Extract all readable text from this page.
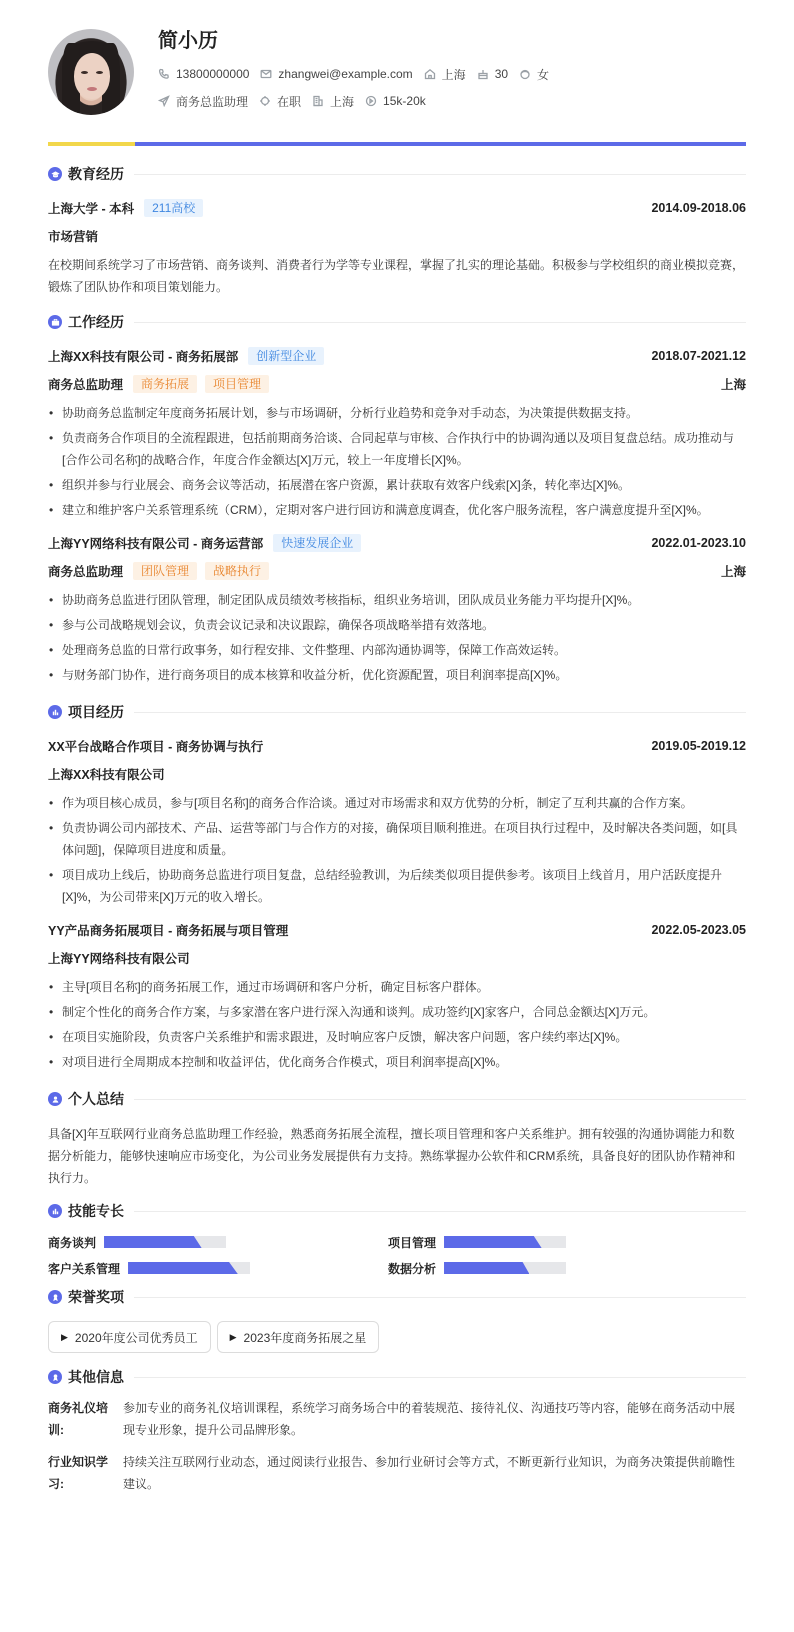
简小历
13800000000 zhangwei@example.com 上海 30 女
商务总监助理 在职 上海 15k-20k
教育经历
上海大学 - 本科	211高校	2014.09-2018.06
市场营销
在校期间系统学习了市场营销、商务谈判、消费者行为学等专业课程，掌握了扎实的理论基础。积极参与学校组织的商业模拟竞赛，锻炼了团队协作和项目策划能力。
工作经历
上海XX科技有限公司 - 商务拓展部	创新型企业	2018.07-2021.12
商务总监助理	商务拓展	项目管理	上海
• 协助商务总监制定年度商务拓展计划，参与市场调研，分析行业趋势和竞争对手动态，为决策提供数据支持。
• 负责商务合作项目的全流程跟进，包括前期商务洽谈、合同起草与审核、合作执行中的协调沟通以及项目复盘总结。成功推动与[合作公司名称]的战略合作，年度合作金额达[X]万元，较上一年度增长[X]%。
• 组织并参与行业展会、商务会议等活动，拓展潜在客户资源，累计获取有效客户线索[X]条，转化率达[X]%。
• 建立和维护客户关系管理系统（CRM），定期对客户进行回访和满意度调查，优化客户服务流程，客户满意度提升至[X]%。
上海YY网络科技有限公司 - 商务运营部	快速发展企业	2022.01-2023.10
商务总监助理	团队管理	战略执行	上海
• 协助商务总监进行团队管理，制定团队成员绩效考核指标，组织业务培训，团队成员业务能力平均提升[X]%。
• 参与公司战略规划会议，负责会议记录和决议跟踪，确保各项战略举措有效落地。
• 处理商务总监的日常行政事务，如行程安排、文件整理、内部沟通协调等，保障工作高效运转。
• 与财务部门协作，进行商务项目的成本核算和收益分析，优化资源配置，项目利润率提高[X]%。
项目经历
XX平台战略合作项目 - 商务协调与执行	2019.05-2019.12
上海XX科技有限公司
• 作为项目核心成员，参与[项目名称]的商务合作洽谈。通过对市场需求和双方优势的分析，制定了互利共赢的合作方案。
• 负责协调公司内部技术、产品、运营等部门与合作方的对接，确保项目顺利推进。在项目执行过程中，及时解决各类问题，如[具体问题]，保障项目进度和质量。
• 项目成功上线后，协助商务总监进行项目复盘，总结经验教训，为后续类似项目提供参考。该项目上线首月，用户活跃度提升[X]%，为公司带来[X]万元的收入增长。
YY产品商务拓展项目 - 商务拓展与项目管理	2022.05-2023.05
上海YY网络科技有限公司
• 主导[项目名称]的商务拓展工作，通过市场调研和客户分析，确定目标客户群体。
• 制定个性化的商务合作方案，与多家潜在客户进行深入沟通和谈判。成功签约[X]家客户，合同总金额达[X]万元。
• 在项目实施阶段，负责客户关系维护和需求跟进，及时响应客户反馈，解决客户问题，客户续约率达[X]%。
• 对项目进行全周期成本控制和收益评估，优化商务合作模式，项目利润率提高[X]%。
个人总结
具备[X]年互联网行业商务总监助理工作经验，熟悉商务拓展全流程，擅长项目管理和客户关系维护。拥有较强的沟通协调能力和数据分析能力，能够快速响应市场变化，为公司业务发展提供有力支持。熟练掌握办公软件和CRM系统，具备良好的团队协作精神和执行力。
技能专长
商务谈判	项目管理
客户关系管理	数据分析
荣誉奖项
▶ 2020年度公司优秀员工	▶ 2023年度商务拓展之星
其他信息
商务礼仪培训:
参加专业的商务礼仪培训课程，系统学习商务场合中的着装规范、接待礼仪、沟通技巧等内容，能够在商务活动中展现专业形象，提升公司品牌形象。
行业知识学习:
持续关注互联网行业动态，通过阅读行业报告、参加行业研讨会等方式，不断更新行业知识，为商务决策提供前瞻性建议。
